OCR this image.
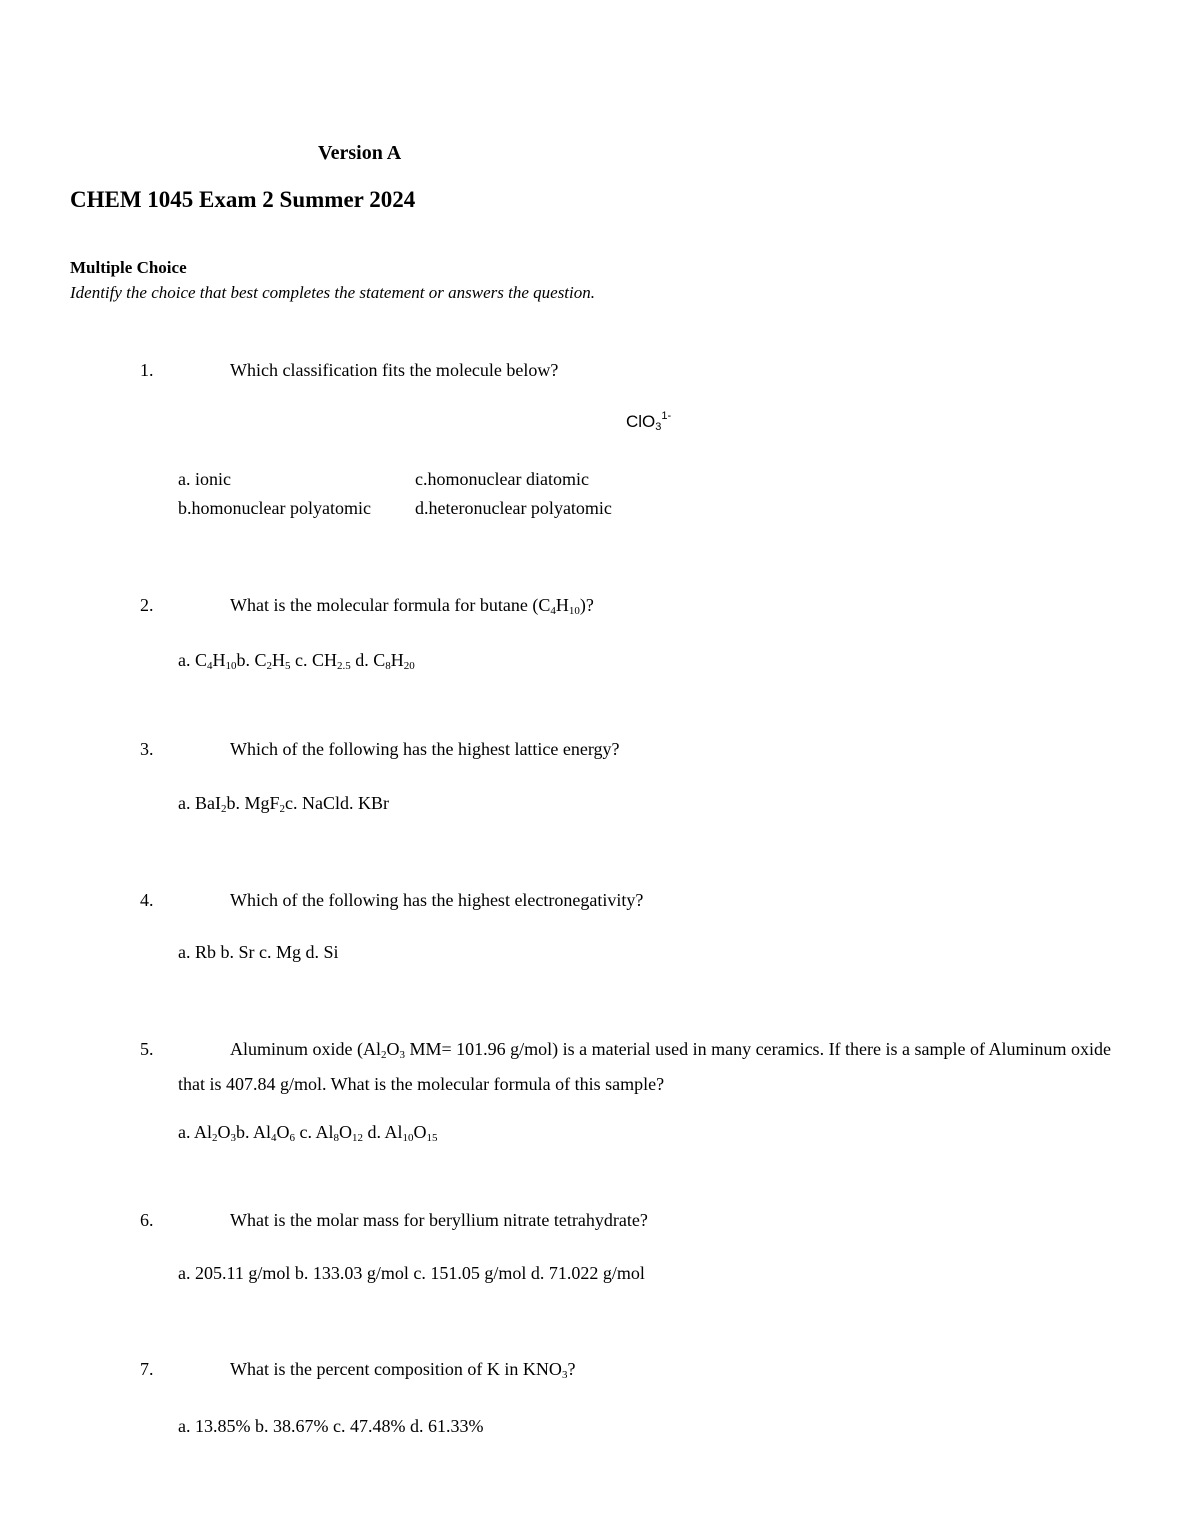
Version A
CHEM 1045 Exam 2 Summer 2024
Multiple Choice
Identify the choice that best completes the statement or answers the question.
1.	Which classification fits the molecule below?
ClO$_3^{1-}$
a. ionic	c.homonuclear diatomic
b.homonuclear polyatomic d.heteronuclear polyatomic
2.	What is the molecular formula for butane $(C_4H_{10})$?
a. $C_4H_{10}b$. $C_2H_5$ c. $CH_{2.5}$ d. $C_8H_{20}$
3.	Which of the following has the highest lattice energy?
a. BaI$_2$b. MgF$_2$c. NaCld. KBr
4.	Which of the following has the highest electronegativity?
a. Rb b. Sr c. Mg d. Si
5.	Aluminum oxide ($Al_2O_3$ MM= 101.96 g/mol) is a material used in many ceramics. If there is a sample of Aluminum oxide that is 407.84 g/mol. What is the molecular formula of this sample?
a. $Al_2O_3b$. $Al_4O_6$ c. $Al_8O_{12}$ d. $Al_{10}O_{15}$
6.	What is the molar mass for beryllium nitrate tetrahydrate?
a. 205.11 g/mol b. 133.03 g/mol c. 151.05 g/mol d. 71.022 g/mol
7.	What is the percent composition of K in $KNO_3$?
a. 13.85% b. 38.67% c. 47.48% d. 61.33%
